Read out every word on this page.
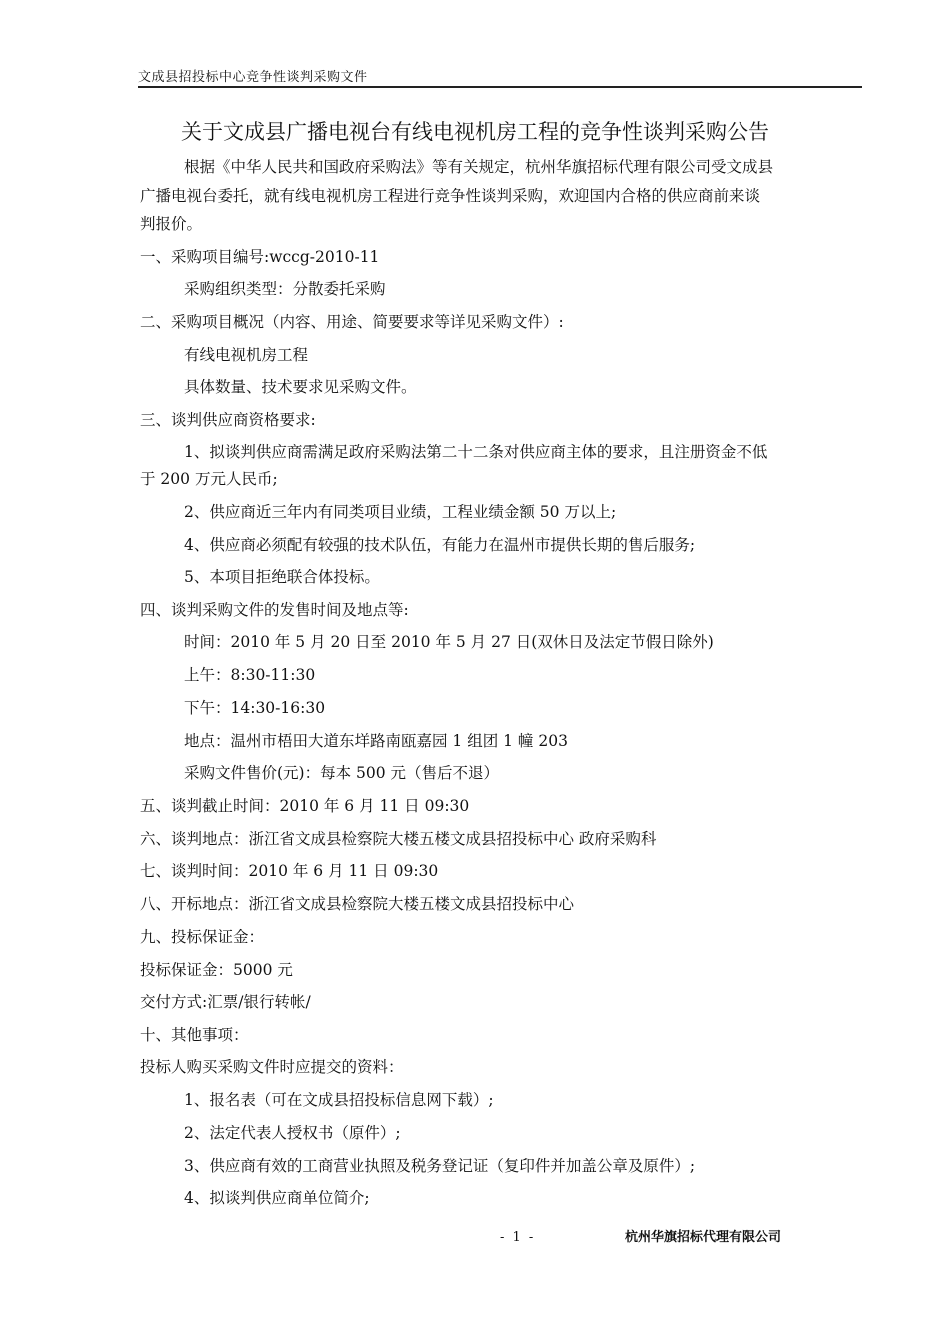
文成县招投标中心竞争性谈判采购文件
关于文成县广播电视台有线电视机房工程的竞争性谈判采购公告
根据《中华人民共和国政府采购法》等有关规定，杭州华旗招标代理有限公司受文成县
广播电视台委托，就有线电视机房工程进行竞争性谈判采购，欢迎国内合格的供应商前来谈
判报价。
一、采购项目编号:wccg-2010-11
采购组织类型：分散委托采购
二、采购项目概况（内容、用途、简要要求等详见采购文件）:
有线电视机房工程
具体数量、技术要求见采购文件。
三、谈判供应商资格要求:
1、拟谈判供应商需满足政府采购法第二十二条对供应商主体的要求，且注册资金不低
于 200 万元人民币;
2、供应商近三年内有同类项目业绩，工程业绩金额 50 万以上;
4、供应商必须配有较强的技术队伍，有能力在温州市提供长期的售后服务;
5、本项目拒绝联合体投标。
四、谈判采购文件的发售时间及地点等:
时间：2010 年 5 月 20 日至 2010 年 5 月 27 日(双休日及法定节假日除外)
上午：8:30-11:30
下午：14:30-16:30
地点：温州市梧田大道东垟路南瓯嘉园 1 组团 1 幢 203
采购文件售价(元)：每本 500 元（售后不退）
五、谈判截止时间：2010 年 6 月 11 日 09:30
六、谈判地点：浙江省文成县检察院大楼五楼文成县招投标中心 政府采购科
七、谈判时间：2010 年 6 月 11 日 09:30
八、开标地点：浙江省文成县检察院大楼五楼文成县招投标中心
九、投标保证金：
投标保证金：5000 元
交付方式:汇票/银行转帐/
十、其他事项：
投标人购买采购文件时应提交的资料：
1、报名表（可在文成县招投标信息网下载）;
2、法定代表人授权书（原件）;
3、供应商有效的工商营业执照及税务登记证（复印件并加盖公章及原件）;
4、拟谈判供应商单位简介;
- 1 -	杭州华旗招标代理有限公司
